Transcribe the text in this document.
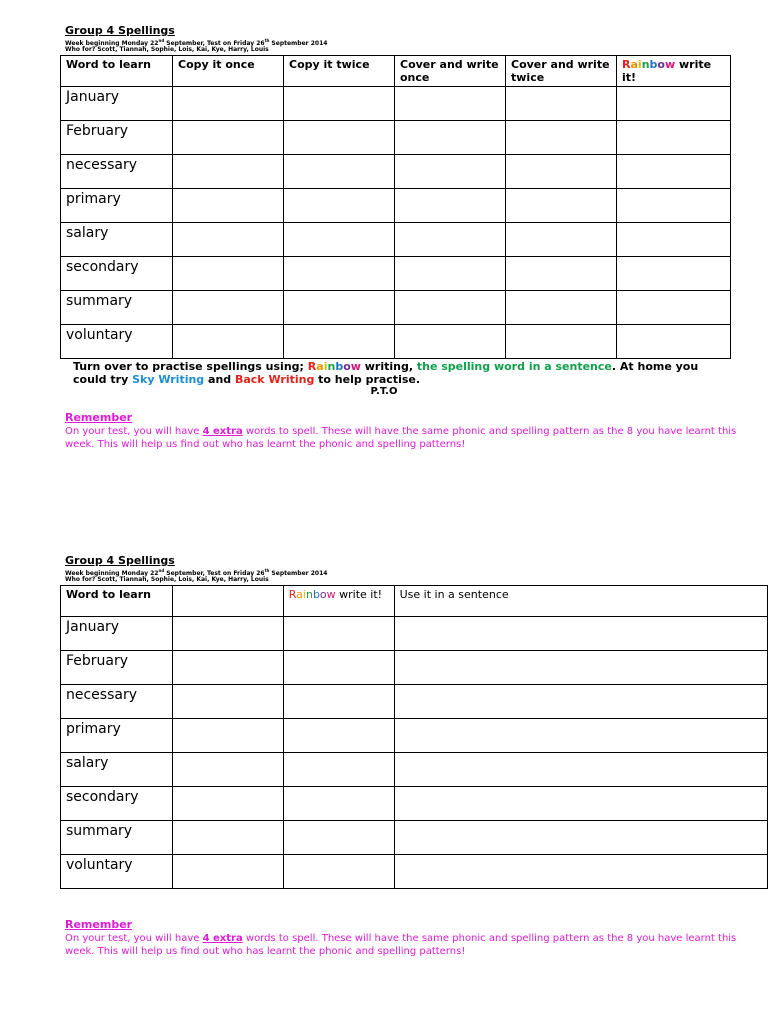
Group 4 Spellings
Week beginning Monday 22nd September, Test on Friday 26th September 2014
Who for? Scott, Tiannah, Sophie, Lois, Kai, Kye, Harry, Louis
Word to learn	Copy it once	Copy it twice	Cover and write once	Cover and write twice	Rainbow write it!
January					
February					
necessary					
primary					
salary					
secondary					
summary					
voluntary					
Turn over to practise spellings using; Rainbow writing, the spelling word in a sentence. At home you could try Sky Writing and Back Writing to help practise.
P.T.O
Remember
On your test, you will have 4 extra words to spell. These will have the same phonic and spelling pattern as the 8 you have learnt this week. This will help us find out who has learnt the phonic and spelling patterns!
Group 4 Spellings
Week beginning Monday 22nd September, Test on Friday 26th September 2014
Who for? Scott, Tiannah, Sophie, Lois, Kai, Kye, Harry, Louis
Word to learn		Rainbow write it!	Use it in a sentence
January			
February			
necessary			
primary			
salary			
secondary			
summary			
voluntary			
Remember
On your test, you will have 4 extra words to spell. These will have the same phonic and spelling pattern as the 8 you have learnt this week. This will help us find out who has learnt the phonic and spelling patterns!
